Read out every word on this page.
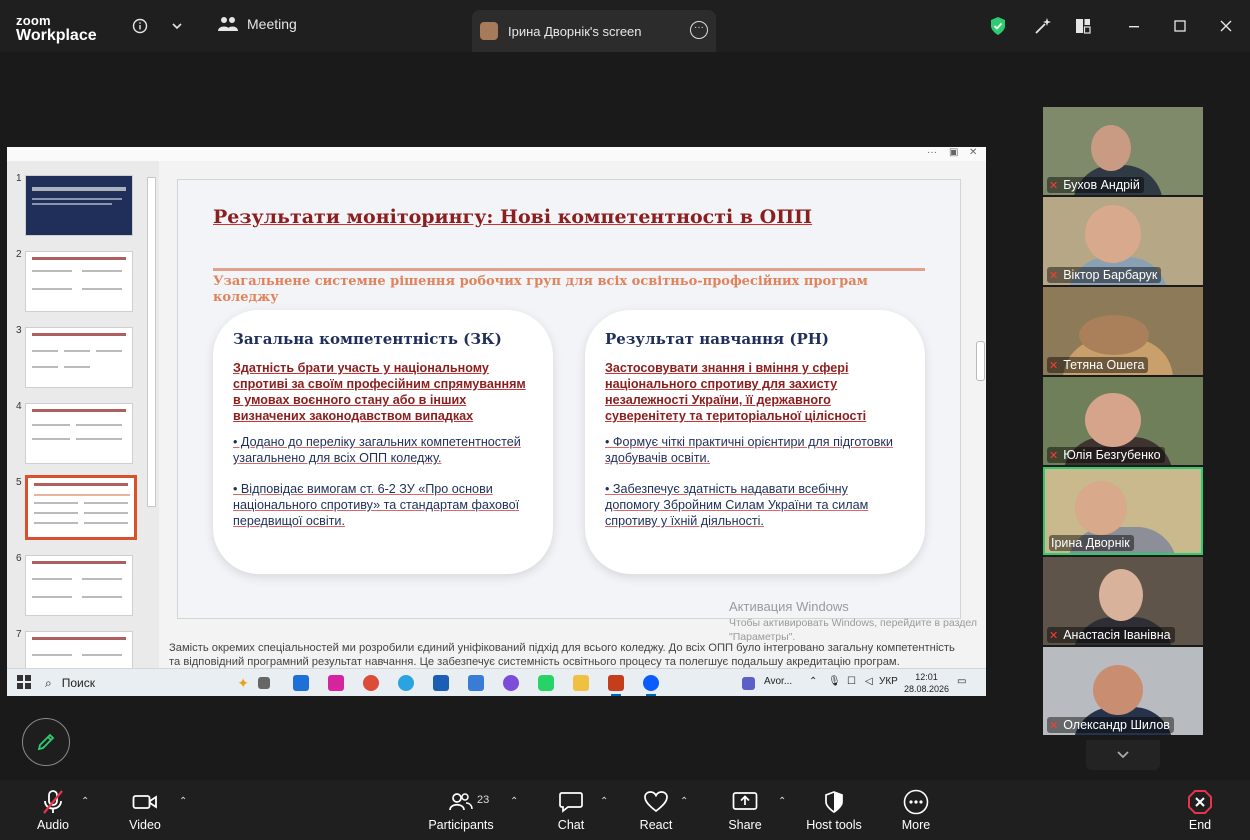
zoom
Workplace
Meeting	Ірина Дворнік's screen	···
··· ▣ ✕
1
2
3
4
5
6
7
Результати моніторингу: Нові компетентності в ОПП
Узагальнене системне рішення робочих груп для всіх освітньо-професійних програм коледжу
Загальна компетентність (ЗК)
Здатність брати участь у національному спротиві за своїм професійним спрямуванням в умовах воєнного стану або в інших визначених законодавством випадках
• Додано до переліку загальних компетентностей узагальнено для всіх ОПП коледжу.
• Відповідає вимогам ст. 6-2 ЗУ «Про основи національного спротиву» та стандартам фахової передвищої освіти.
Результат навчання (РН)
Застосовувати знання і вміння у сфері національного спротиву для захисту незалежності України, її державного суверенітету та територіальної цілісності
• Формує чіткі практичні орієнтири для підготовки здобувачів освіти.
• Забезпечує здатність надавати всебічну допомогу Збройним Силам України та силам спротиву у їхній діяльності.
Активация Windows
Чтобы активировать Windows, перейдите в раздел "Параметры".
Замість окремих спеціальностей ми розробили єдиний уніфікований підхід для всього коледжу. До всіх ОПП було інтегровано загальну компетентність та відповідний програмний результат навчання. Це забезпечує системність освітнього процесу та полегшує подальшу акредитацію програм.
⌕ Поиск	✦	Avor... ⌃ 🎙 ☐ ◁ УКР	12:01
28.08.2026
▭
✕ Бухов Андрій
✕ Віктор Барбарук
✕ Тетяна Ошега
✕ Юлія Безгубенко
Ірина Дворнік
✕ Анастасія Іванівна
✕ Олександр Шилов
Audio
⌃
Video
⌃
Participants
23 ⌃
Chat
⌃
React
⌃
Share
⌃
Host tools	More	End
